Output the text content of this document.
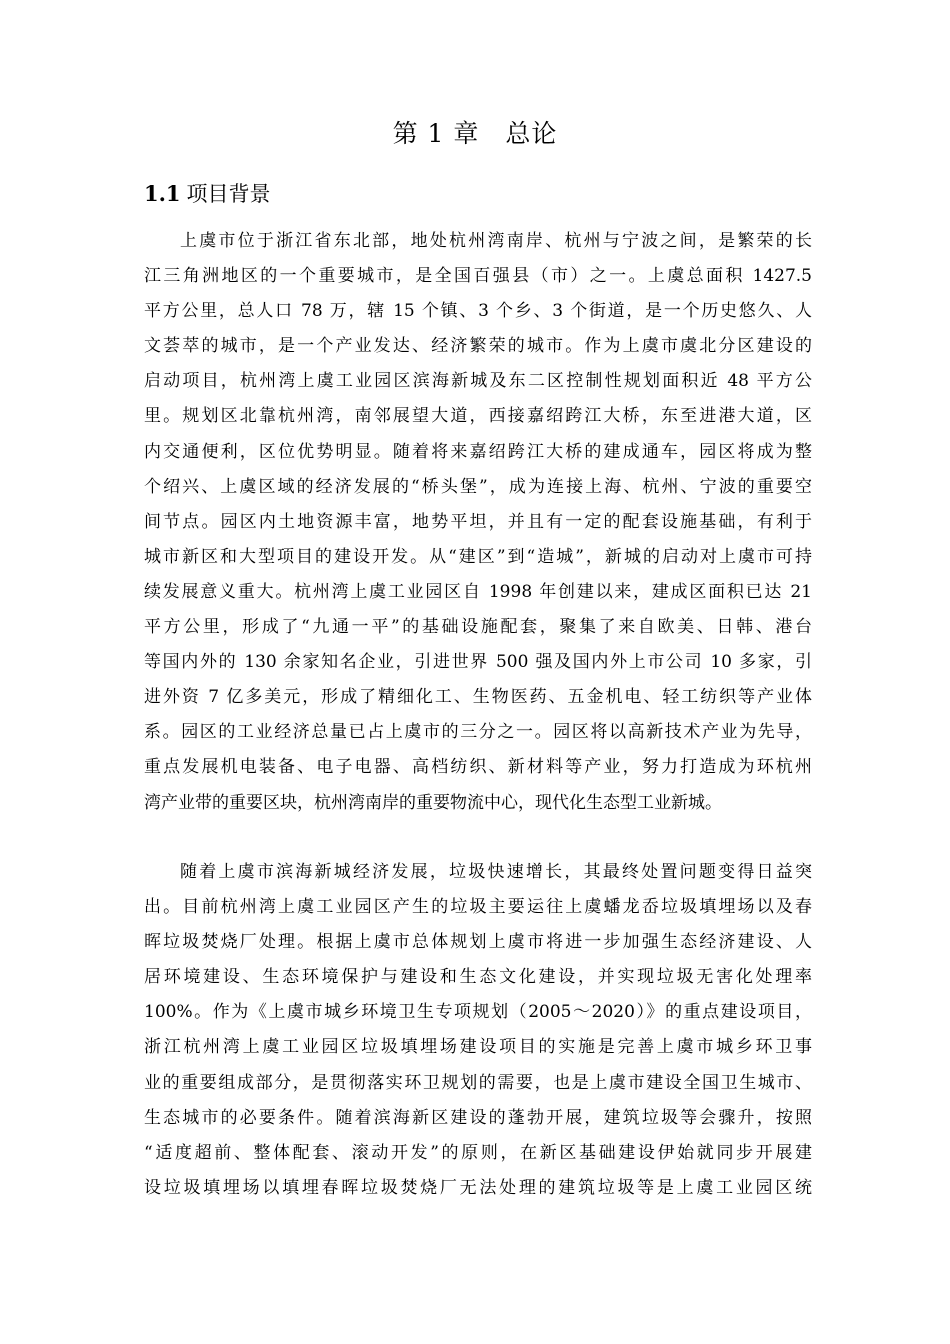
第 1 章 总论
1.1 项目背景
上虞市位于浙江省东北部，地处杭州湾南岸、杭州与宁波之间，是繁荣的长
江三角洲地区的一个重要城市，是全国百强县（市）之一。上虞总面积 1427.5
平方公里，总人口 78 万，辖 15 个镇、3 个乡、3 个街道，是一个历史悠久、人
文荟萃的城市，是一个产业发达、经济繁荣的城市。作为上虞市虞北分区建设的
启动项目，杭州湾上虞工业园区滨海新城及东二区控制性规划面积近 48 平方公
里。规划区北靠杭州湾，南邻展望大道，西接嘉绍跨江大桥，东至进港大道，区
内交通便利，区位优势明显。随着将来嘉绍跨江大桥的建成通车，园区将成为整
个绍兴、上虞区域的经济发展的“桥头堡”，成为连接上海、杭州、宁波的重要空
间节点。园区内土地资源丰富，地势平坦，并且有一定的配套设施基础，有利于
城市新区和大型项目的建设开发。从“建区”到“造城”，新城的启动对上虞市可持
续发展意义重大。杭州湾上虞工业园区自 1998 年创建以来，建成区面积已达 21
平方公里，形成了“九通一平”的基础设施配套，聚集了来自欧美、日韩、港台
等国内外的 130 余家知名企业，引进世界 500 强及国内外上市公司 10 多家，引
进外资 7 亿多美元，形成了精细化工、生物医药、五金机电、轻工纺织等产业体
系。园区的工业经济总量已占上虞市的三分之一。园区将以高新技术产业为先导，
重点发展机电装备、电子电器、高档纺织、新材料等产业，努力打造成为环杭州
湾产业带的重要区块，杭州湾南岸的重要物流中心，现代化生态型工业新城。
随着上虞市滨海新城经济发展，垃圾快速增长，其最终处置问题变得日益突
出。目前杭州湾上虞工业园区产生的垃圾主要运往上虞蟠龙岙垃圾填埋场以及春
晖垃圾焚烧厂处理。根据上虞市总体规划上虞市将进一步加强生态经济建设、人
居环境建设、生态环境保护与建设和生态文化建设，并实现垃圾无害化处理率
100%。作为《上虞市城乡环境卫生专项规划（2005～2020）》的重点建设项目，
浙江杭州湾上虞工业园区垃圾填埋场建设项目的实施是完善上虞市城乡环卫事
业的重要组成部分，是贯彻落实环卫规划的需要，也是上虞市建设全国卫生城市、
生态城市的必要条件。随着滨海新区建设的蓬勃开展，建筑垃圾等会骤升，按照
“适度超前、整体配套、滚动开发”的原则，在新区基础建设伊始就同步开展建
设垃圾填埋场以填埋春晖垃圾焚烧厂无法处理的建筑垃圾等是上虞工业园区统
